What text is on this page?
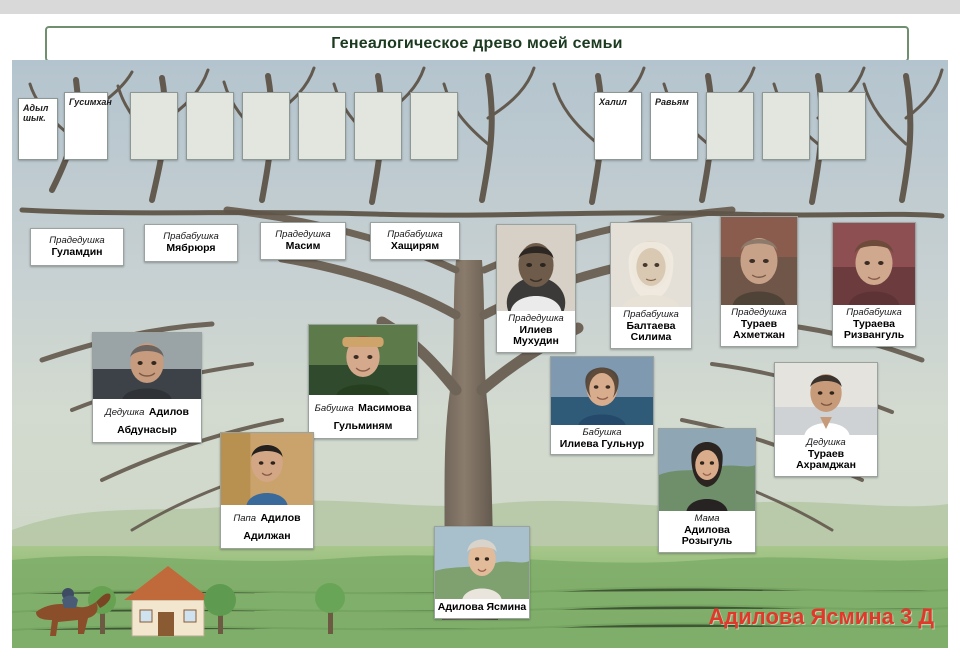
Генеалогическое древо моей семьи
Адыл шык.
Гусимхан	Халил	Равьям
Прадедушка
Гуламдин
Прабабушка
Мябрюря
Прадедушка
Масим
Прабабушка
Хащирям
Прадедушка
Илиев Мухудин
Прабабушка
Балтаева Силима
Прадедушка
Тураев Ахметжан
Прабабушка
Тураева Ризвангуль
Дедушка Адилов Абдунасыр
Бабушка Масимова Гульминям
Бабушка
Илиева Гульнур	Дедушка
Тураев Ахрамджан
Папа Адилов Адилжан
Мама
Адилова Розыгуль
Адилова Ясмина	Адилова Ясмина 3 Д
